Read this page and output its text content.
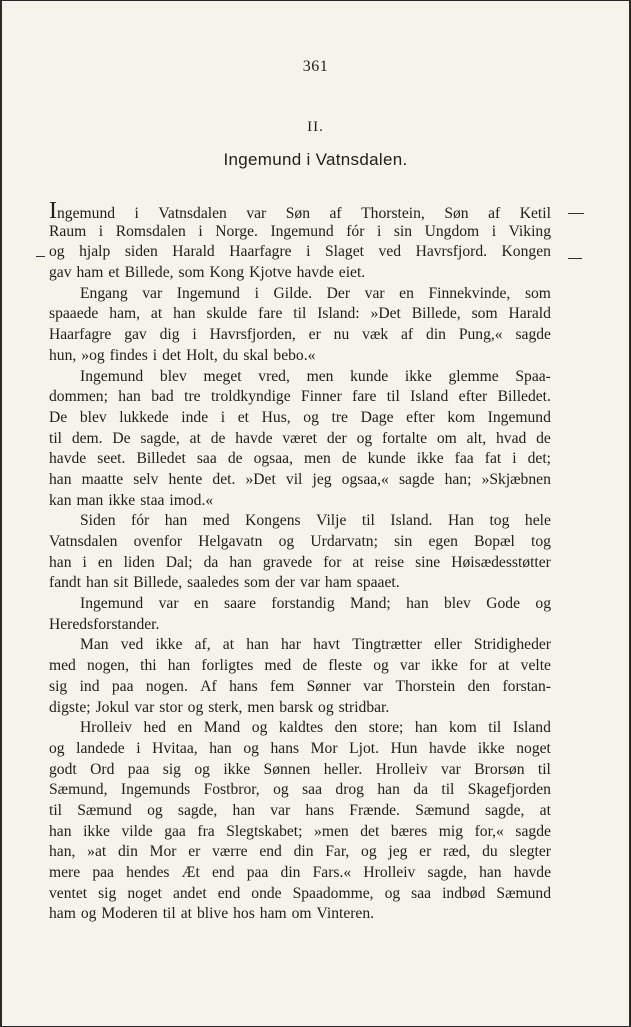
361
II.
Ingemund i Vatnsdalen.
Ingemund i Vatnsdalen var Søn af Thorstein, Søn af Ketil
Raum i Romsdalen i Norge. Ingemund fór i sin Ungdom i Viking
og hjalp siden Harald Haarfagre i Slaget ved Havrsfjord. Kongen
gav ham et Billede, som Kong Kjotve havde eiet.
Engang var Ingemund i Gilde. Der var en Finnekvinde, som
spaaede ham, at han skulde fare til Island: »Det Billede, som Harald
Haarfagre gav dig i Havrsfjorden, er nu væk af din Pung,« sagde
hun, »og findes i det Holt, du skal bebo.«
Ingemund blev meget vred, men kunde ikke glemme Spaa-
dommen; han bad tre troldkyndige Finner fare til Island efter Billedet.
De blev lukkede inde i et Hus, og tre Dage efter kom Ingemund
til dem. De sagde, at de havde været der og fortalte om alt, hvad de
havde seet. Billedet saa de ogsaa, men de kunde ikke faa fat i det;
han maatte selv hente det. »Det vil jeg ogsaa,« sagde han; »Skjæbnen
kan man ikke staa imod.«
Siden fór han med Kongens Vilje til Island. Han tog hele
Vatnsdalen ovenfor Helgavatn og Urdarvatn; sin egen Bopæl tog
han i en liden Dal; da han gravede for at reise sine Høisædesstøtter
fandt han sit Billede, saaledes som der var ham spaaet.
Ingemund var en saare forstandig Mand; han blev Gode og
Heredsforstander.
Man ved ikke af, at han har havt Tingtrætter eller Stridigheder
med nogen, thi han forligtes med de fleste og var ikke for at velte
sig ind paa nogen. Af hans fem Sønner var Thorstein den forstan-
digste; Jokul var stor og sterk, men barsk og stridbar.
Hrolleiv hed en Mand og kaldtes den store; han kom til Island
og landede i Hvitaa, han og hans Mor Ljot. Hun havde ikke noget
godt Ord paa sig og ikke Sønnen heller. Hrolleiv var Brorsøn til
Sæmund, Ingemunds Fostbror, og saa drog han da til Skagefjorden
til Sæmund og sagde, han var hans Frænde. Sæmund sagde, at
han ikke vilde gaa fra Slegtskabet; »men det bæres mig for,« sagde
han, »at din Mor er værre end din Far, og jeg er ræd, du slegter
mere paa hendes Æt end paa din Fars.« Hrolleiv sagde, han havde
ventet sig noget andet end onde Spaadomme, og saa indbød Sæmund
ham og Moderen til at blive hos ham om Vinteren.
